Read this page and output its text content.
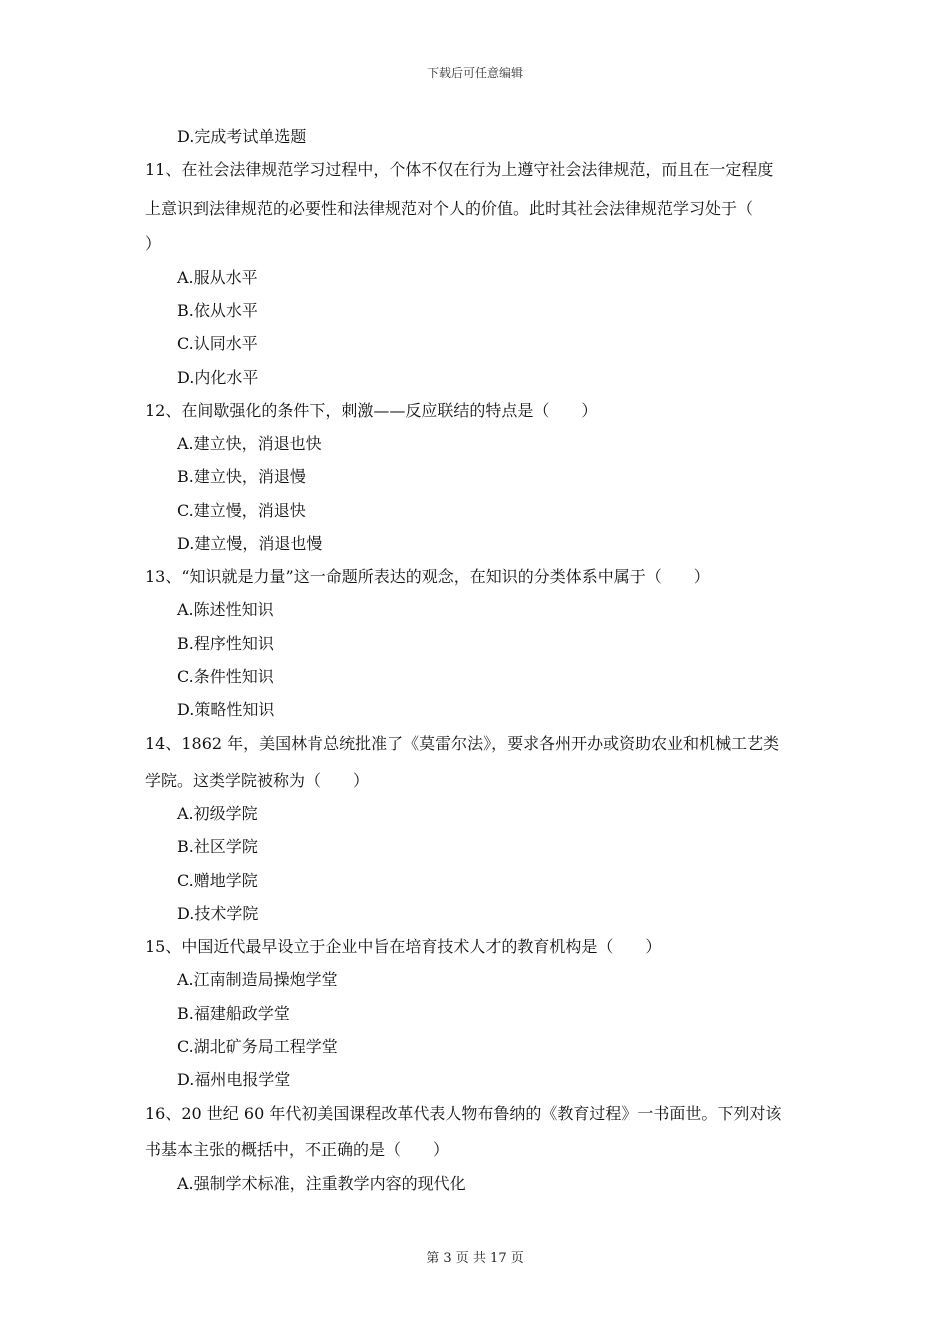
下载后可任意编辑
D.完成考试单选题
11、在社会法律规范学习过程中，个体不仅在行为上遵守社会法律规范，而且在一定程度
上意识到法律规范的必要性和法律规范对个人的价值。此时其社会法律规范学习处于（
）
A.服从水平
B.依从水平
C.认同水平
D.内化水平
12、在间歇强化的条件下，刺激——反应联结的特点是（　　）
A.建立快，消退也快
B.建立快，消退慢
C.建立慢，消退快
D.建立慢，消退也慢
13、“知识就是力量”这一命题所表达的观念，在知识的分类体系中属于（　　）
A.陈述性知识
B.程序性知识
C.条件性知识
D.策略性知识
14、1862 年，美国林肯总统批准了《莫雷尔法》，要求各州开办或资助农业和机械工艺类
学院。这类学院被称为（　　）
A.初级学院
B.社区学院
C.赠地学院
D.技术学院
15、中国近代最早设立于企业中旨在培育技术人才的教育机构是（　　）
A.江南制造局操炮学堂
B.福建船政学堂
C.湖北矿务局工程学堂
D.福州电报学堂
16、20 世纪 60 年代初美国课程改革代表人物布鲁纳的《教育过程》一书面世。下列对该
书基本主张的概括中，不正确的是（　　）
A.强制学术标准，注重教学内容的现代化
第 3 页 共 17 页
